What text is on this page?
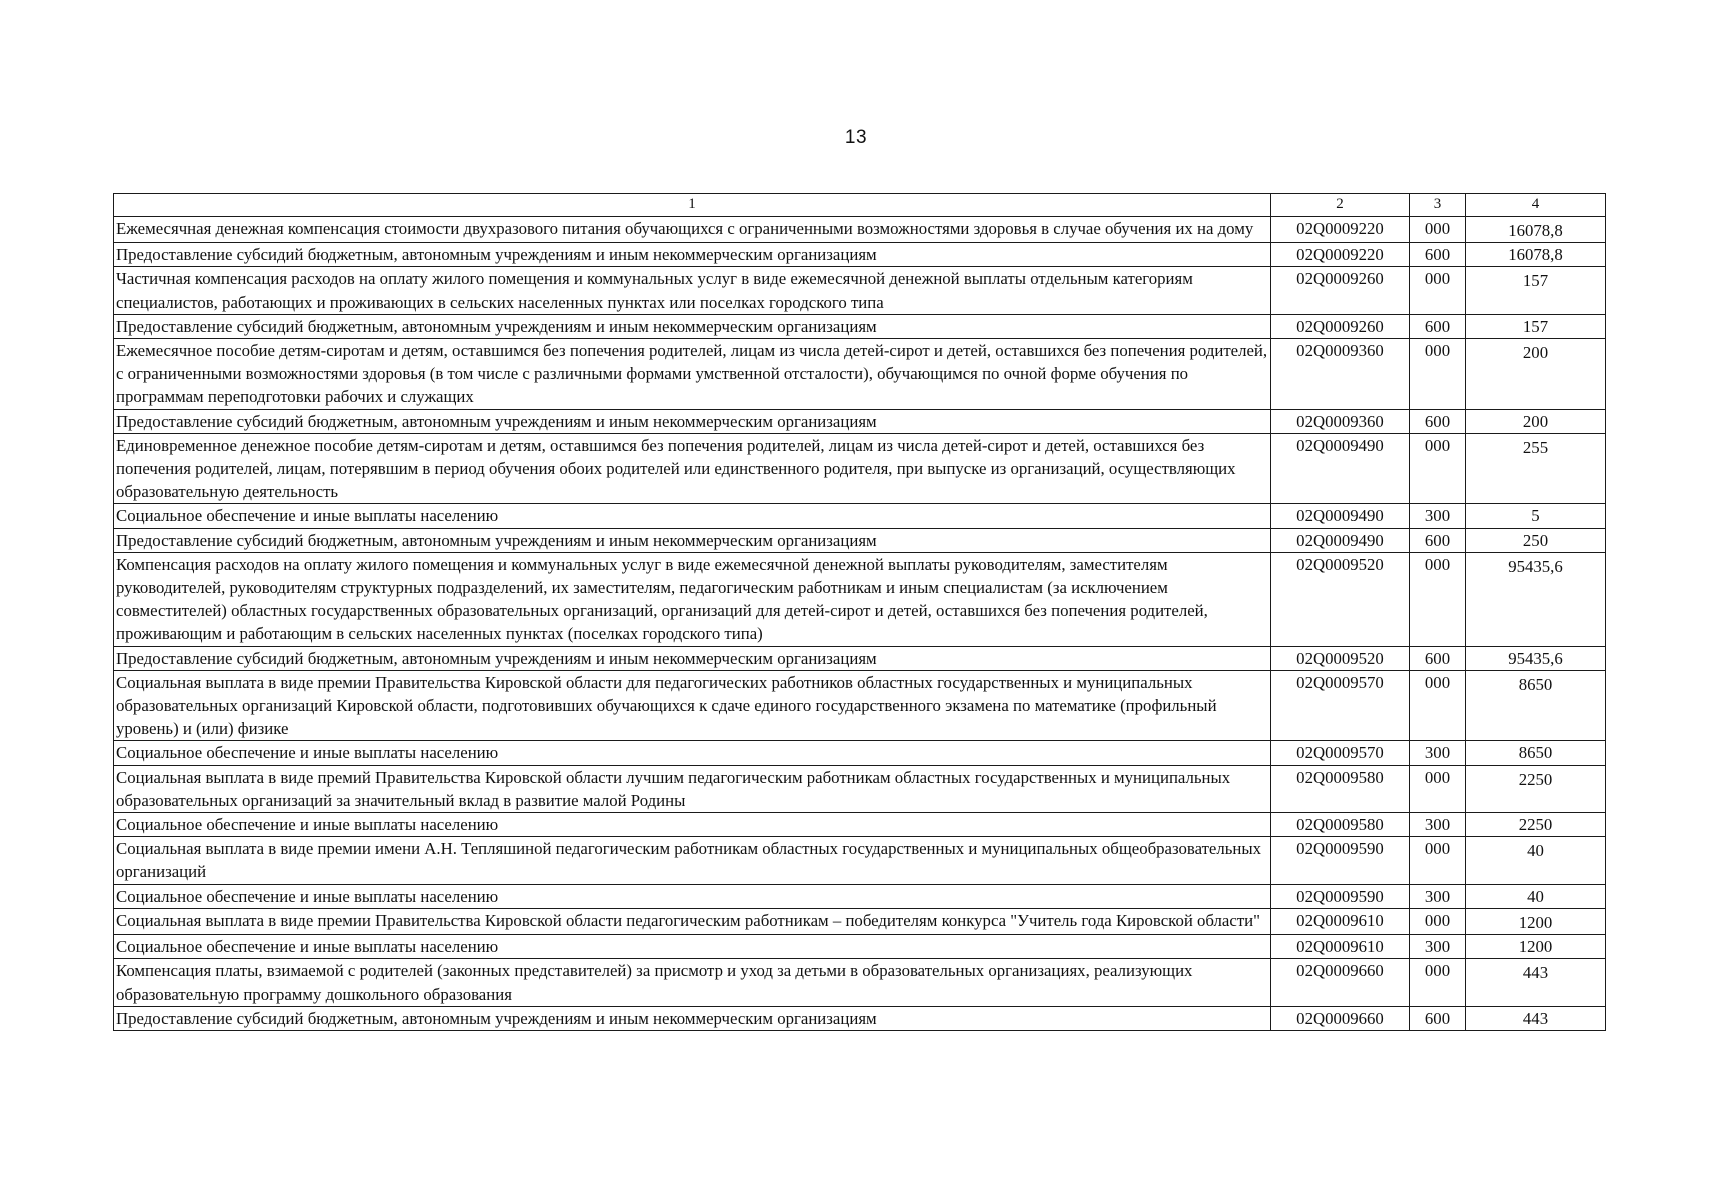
13
1	2	3	4
Ежемесячная денежная компенсация стоимости двухразового питания обучающихся с ограниченными возможностями здоровья в случае обучения их на дому	02Q0009220	000	16078,8
Предоставление субсидий бюджетным, автономным учреждениям и иным некоммерческим организациям	02Q0009220	600	16078,8
Частичная компенсация расходов на оплату жилого помещения и коммунальных услуг в виде ежемесячной денежной выплаты отдельным категориям специалистов, работающих и проживающих в сельских населенных пунктах или поселках городского типа	02Q0009260	000	157
Предоставление субсидий бюджетным, автономным учреждениям и иным некоммерческим организациям	02Q0009260	600	157
Ежемесячное пособие детям-сиротам и детям, оставшимся без попечения родителей, лицам из числа детей-сирот и детей, оставшихся без попечения родителей, с ограниченными возможностями здоровья (в том числе с различными формами умственной отсталости), обучающимся по очной форме обучения по программам переподготовки рабочих и служащих	02Q0009360	000	200
Предоставление субсидий бюджетным, автономным учреждениям и иным некоммерческим организациям	02Q0009360	600	200
Единовременное денежное пособие детям-сиротам и детям, оставшимся без попечения родителей, лицам из числа детей-сирот и детей, оставшихся без попечения родителей, лицам, потерявшим в период обучения обоих родителей или единственного родителя, при выпуске из организаций, осуществляющих образовательную деятельность	02Q0009490	000	255
Социальное обеспечение и иные выплаты населению	02Q0009490	300	5
Предоставление субсидий бюджетным, автономным учреждениям и иным некоммерческим организациям	02Q0009490	600	250
Компенсация расходов на оплату жилого помещения и коммунальных услуг в виде ежемесячной денежной выплаты руководителям, заместителям руководителей, руководителям структурных подразделений, их заместителям, педагогическим работникам и иным специалистам (за исключением совместителей) областных государственных образовательных организаций, организаций для детей-сирот и детей, оставшихся без попечения родителей, проживающим и работающим в сельских населенных пунктах (поселках городского типа)	02Q0009520	000	95435,6
Предоставление субсидий бюджетным, автономным учреждениям и иным некоммерческим организациям	02Q0009520	600	95435,6
Социальная выплата в виде премии Правительства Кировской области для педагогических работников областных государственных и муниципальных образовательных организаций Кировской области, подготовивших обучающихся к сдаче единого государственного экзамена по математике (профильный уровень) и (или) физике	02Q0009570	000	8650
Социальное обеспечение и иные выплаты населению	02Q0009570	300	8650
Социальная выплата в виде премий Правительства Кировской области лучшим педагогическим работникам областных государственных и муниципальных образовательных организаций за значительный вклад в развитие малой Родины	02Q0009580	000	2250
Социальное обеспечение и иные выплаты населению	02Q0009580	300	2250
Социальная выплата в виде премии имени А.Н. Тепляшиной педагогическим работникам областных государственных и муниципальных общеобразовательных организаций	02Q0009590	000	40
Социальное обеспечение и иные выплаты населению	02Q0009590	300	40
Социальная выплата в виде премии Правительства Кировской области педагогическим работникам – победителям конкурса "Учитель года Кировской области"	02Q0009610	000	1200
Социальное обеспечение и иные выплаты населению	02Q0009610	300	1200
Компенсация платы, взимаемой с родителей (законных представителей) за присмотр и уход за детьми в образовательных организациях, реализующих образовательную программу дошкольного образования	02Q0009660	000	443
Предоставление субсидий бюджетным, автономным учреждениям и иным некоммерческим организациям	02Q0009660	600	443
